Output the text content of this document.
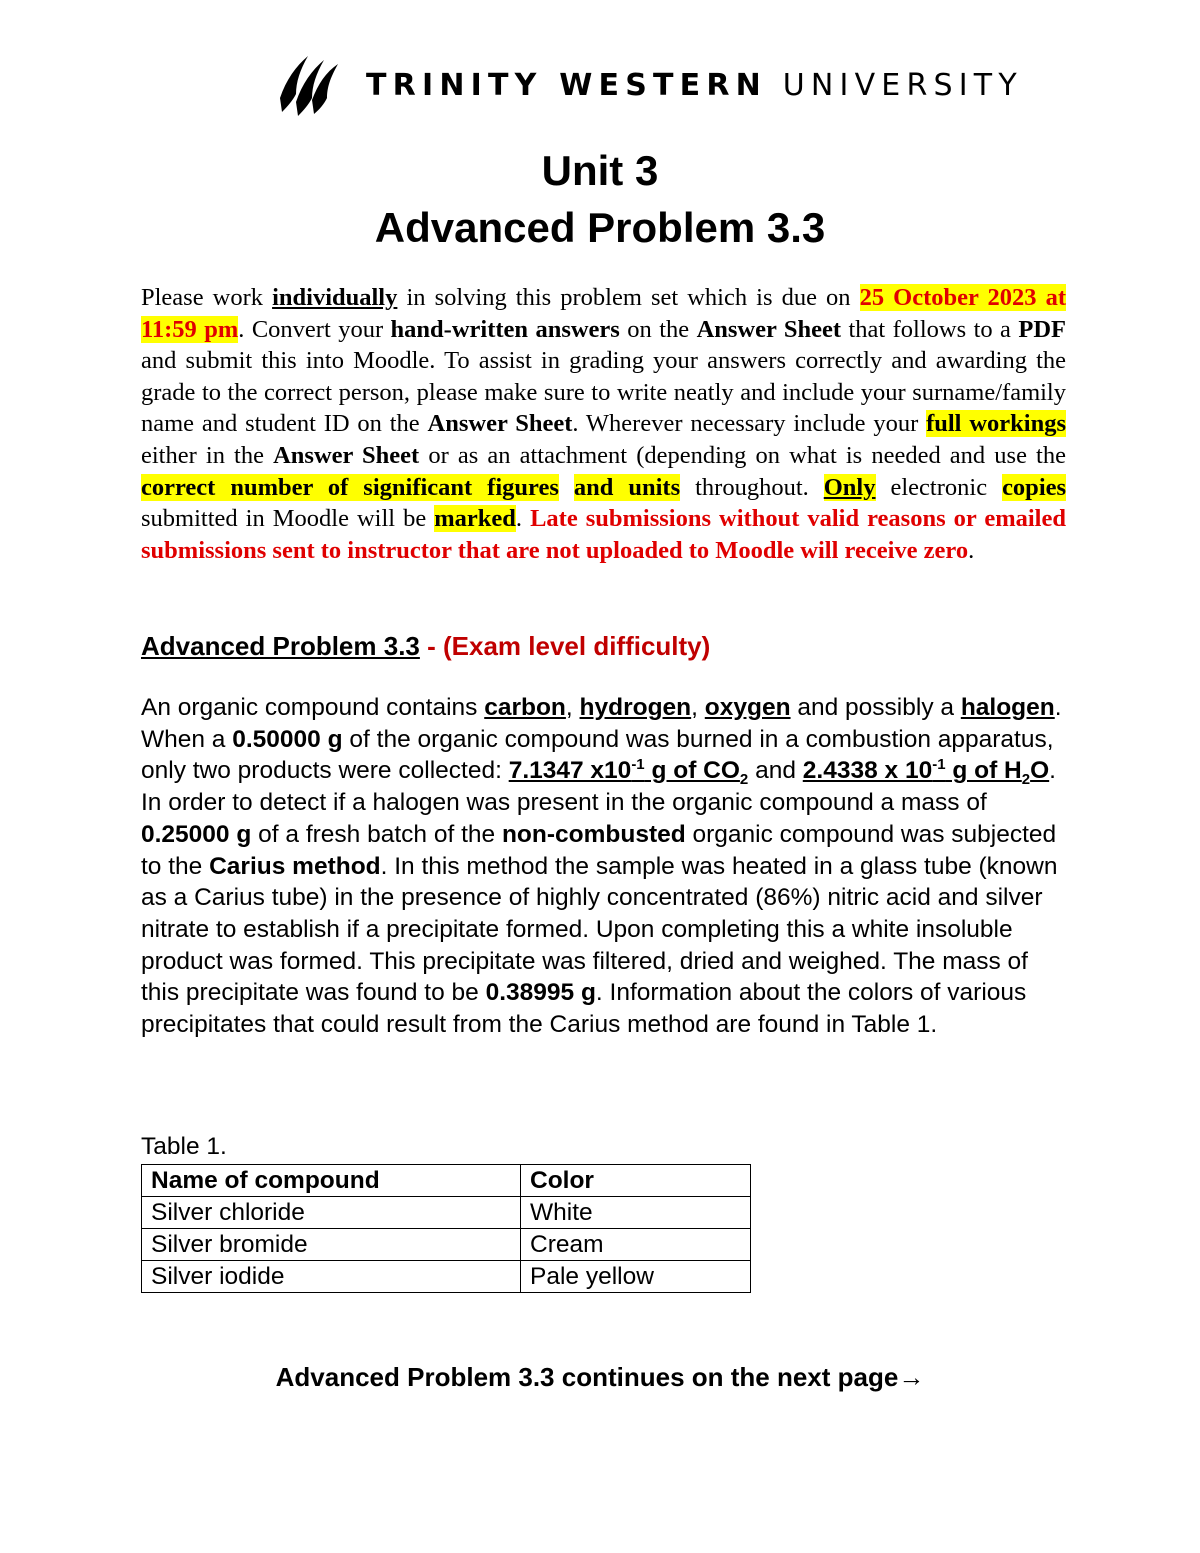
TRINITY WESTERN UNIVERSITY
Unit 3
Advanced Problem 3.3
Please work individually in solving this problem set which is due on 25 October 2023 at 11:59 pm. Convert your hand-written answers on the Answer Sheet that follows to a PDF and submit this into Moodle. To assist in grading your answers correctly and awarding the grade to the correct person, please make sure to write neatly and include your surname/family name and student ID on the Answer Sheet. Wherever necessary include your full workings either in the Answer Sheet or as an attachment (depending on what is needed and use the correct number of significant figures and units throughout. Only electronic copies submitted in Moodle will be marked. Late submissions without valid reasons or emailed submissions sent to instructor that are not uploaded to Moodle will receive zero.
Advanced Problem 3.3 - (Exam level difficulty)
An organic compound contains carbon, hydrogen, oxygen and possibly a halogen. When a 0.50000 g of the organic compound was burned in a combustion apparatus, only two products were collected: 7.1347 $x10^{-1}$ g of $CO_2$ and 2.4338 x $10^{-1}$ g of $H_2O$. In order to detect if a halogen was present in the organic compound a mass of 0.25000 g of a fresh batch of the non-combusted organic compound was subjected to the Carius method. In this method the sample was heated in a glass tube (known as a Carius tube) in the presence of highly concentrated (86%) nitric acid and silver nitrate to establish if a precipitate formed. Upon completing this a white insoluble product was formed. This precipitate was filtered, dried and weighed. The mass of this precipitate was found to be 0.38995 g. Information about the colors of various precipitates that could result from the Carius method are found in Table 1.
Table 1.
Name of compound	Color
Silver chloride	White
Silver bromide	Cream
Silver iodide	Pale yellow
Advanced Problem 3.3 continues on the next page→
